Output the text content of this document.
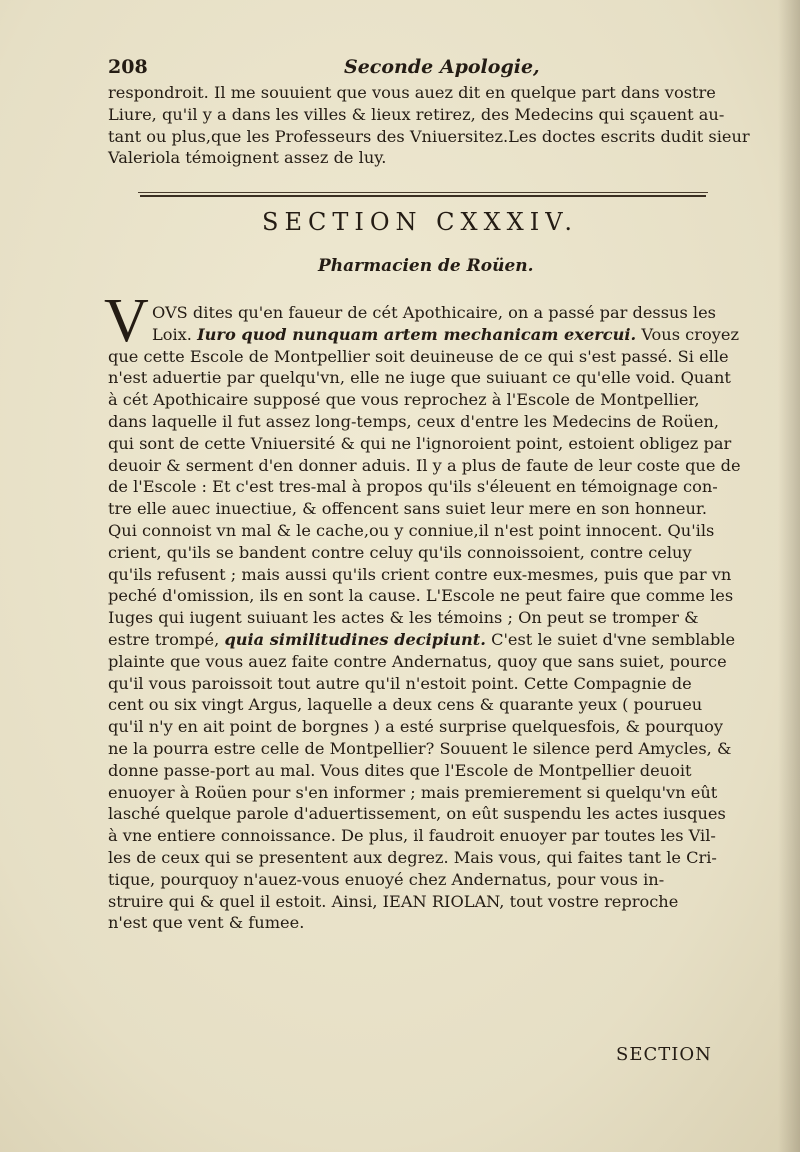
208	Seconde Apologie,
respondroit. Il me souuient que vous auez dit en quelque part dans vostre
Liure, qu'il y a dans les villes & lieux retirez, des Medecins qui sçauent au-
tant ou plus,que les Professeurs des Vniuersitez.Les doctes escrits dudit sieur
Valeriola témoignent assez de luy.
SECTION CXXXIV.
Pharmacien de Roüen.
V OVS dites qu'en faueur de cét Apothicaire, on a passé par dessus les
Loix. Iuro quod nunquam artem mechanicam exercui. Vous croyez
que cette Escole de Montpellier soit deuineuse de ce qui s'est passé. Si elle
n'est aduertie par quelqu'vn, elle ne iuge que suiuant ce qu'elle void. Quant
à cét Apothicaire supposé que vous reprochez à l'Escole de Montpellier,
dans laquelle il fut assez long-temps, ceux d'entre les Medecins de Roüen,
qui sont de cette Vniuersité & qui ne l'ignoroient point, estoient obligez par
deuoir & serment d'en donner aduis. Il y a plus de faute de leur coste que de
de l'Escole : Et c'est tres-mal à propos qu'ils s'éleuent en témoignage con-
tre elle auec inuectiue, & offencent sans suiet leur mere en son honneur.
Qui connoist vn mal & le cache,ou y conniue,il n'est point innocent. Qu'ils
crient, qu'ils se bandent contre celuy qu'ils connoissoient, contre celuy
qu'ils refusent ; mais aussi qu'ils crient contre eux-mesmes, puis que par vn
peché d'omission, ils en sont la cause. L'Escole ne peut faire que comme les
Iuges qui iugent suiuant les actes & les témoins ; On peut se tromper &
estre trompé, quia similitudines decipiunt. C'est le suiet d'vne semblable
plainte que vous auez faite contre Andernatus, quoy que sans suiet, pource
qu'il vous paroissoit tout autre qu'il n'estoit point. Cette Compagnie de
cent ou six vingt Argus, laquelle a deux cens & quarante yeux ( pourueu
qu'il n'y en ait point de borgnes ) a esté surprise quelquesfois, & pourquoy
ne la pourra estre celle de Montpellier? Souuent le silence perd Amycles, &
donne passe-port au mal. Vous dites que l'Escole de Montpellier deuoit
enuoyer à Roüen pour s'en informer ; mais premierement si quelqu'vn eût
lasché quelque parole d'aduertissement, on eût suspendu les actes iusques
à vne entiere connoissance. De plus, il faudroit enuoyer par toutes les Vil-
les de ceux qui se presentent aux degrez. Mais vous, qui faites tant le Cri-
tique, pourquoy n'auez-vous enuoyé chez Andernatus, pour vous in-
struire qui & quel il estoit. Ainsi, IEAN RIOLAN, tout vostre reproche
n'est que vent & fumee.
SECTION
